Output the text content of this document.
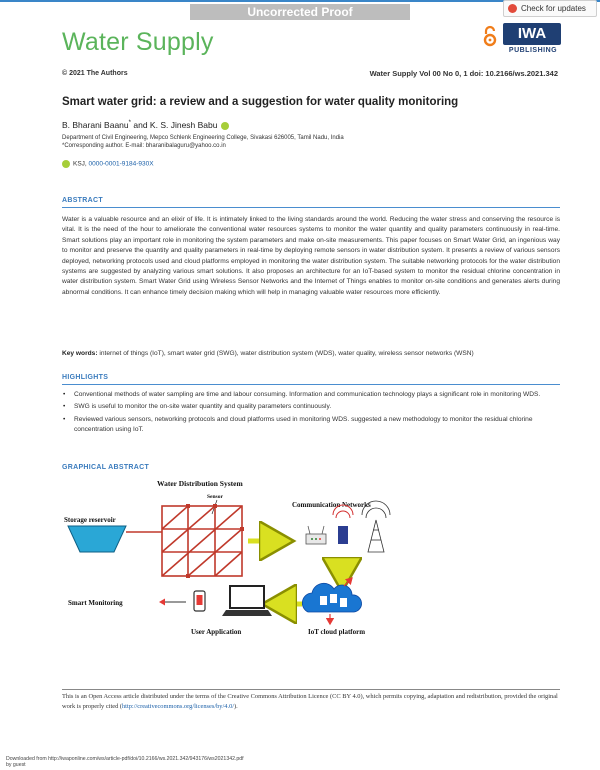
Uncorrected Proof
Water Supply
Check for updates
IWA
PUBLISHING
© 2021 The Authors	Water Supply Vol 00 No 0, 1 doi: 10.2166/ws.2021.342
Smart water grid: a review and a suggestion for water quality monitoring
B. Bharani Baanu* and K. S. Jinesh Babu
Department of Civil Engineering, Mepco Schlenk Engineering College, Sivakasi 626005, Tamil Nadu, India
*Corresponding author. E-mail: bharanibalaguru@yahoo.co.in
KSJ, 0000-0001-9184-930X
ABSTRACT
Water is a valuable resource and an elixir of life. It is intimately linked to the living standards around the world. Reducing the water stress and conserving the resource is vital. It is the need of the hour to ameliorate the conventional water resources systems to monitor the water quantity and quality parameters continuously in real-time. Smart solutions play an important role in monitoring the system parameters and make on-site measurements. This paper focuses on Smart Water Grid, an ingenious way to monitor and preserve the quantity and quality parameters in real-time by deploying remote sensors in water distribution system. It presents a review of various sensors deployed, networking protocols used and cloud platforms employed in monitoring the water distribution system. The suitable networking protocols for the water distribution systems are suggested by analyzing various smart solutions. It also proposes an architecture for an IoT-based system to monitor the residual chlorine concentration in water distribution system. Smart Water Grid using Wireless Sensor Networks and the Internet of Things enables to monitor on-site conditions and generates alerts during abnormal conditions. It can enhance timely decision making which will help in managing valuable water resources more efficiently.
Key words: internet of things (IoT), smart water grid (SWG), water distribution system (WDS), water quality, wireless sensor networks (WSN)
HIGHLIGHTS
• Conventional methods of water sampling are time and labour consuming. Information and communication technology plays a significant role in monitoring WDS.
• SWG is useful to monitor the on-site water quantity and quality parameters continuously.
• Reviewed various sensors, networking protocols and cloud platforms used in monitoring WDS. suggested a new methodology to monitor the residual chlorine concentration using IoT.
GRAPHICAL ABSTRACT
Water Distribution System
Sensor
Storage reservoir
Communication Networks
IoT cloud platform
User Application
Smart Monitoring
This is an Open Access article distributed under the terms of the Creative Commons Attribution Licence (CC BY 4.0), which permits copying, adaptation and redistribution, provided the original work is properly cited (http://creativecommons.org/licenses/by/4.0/).
Downloaded from http://iwaponline.com/ws/article-pdf/doi/10.2166/ws.2021.342/943176/ws2021342.pdf
by guest
